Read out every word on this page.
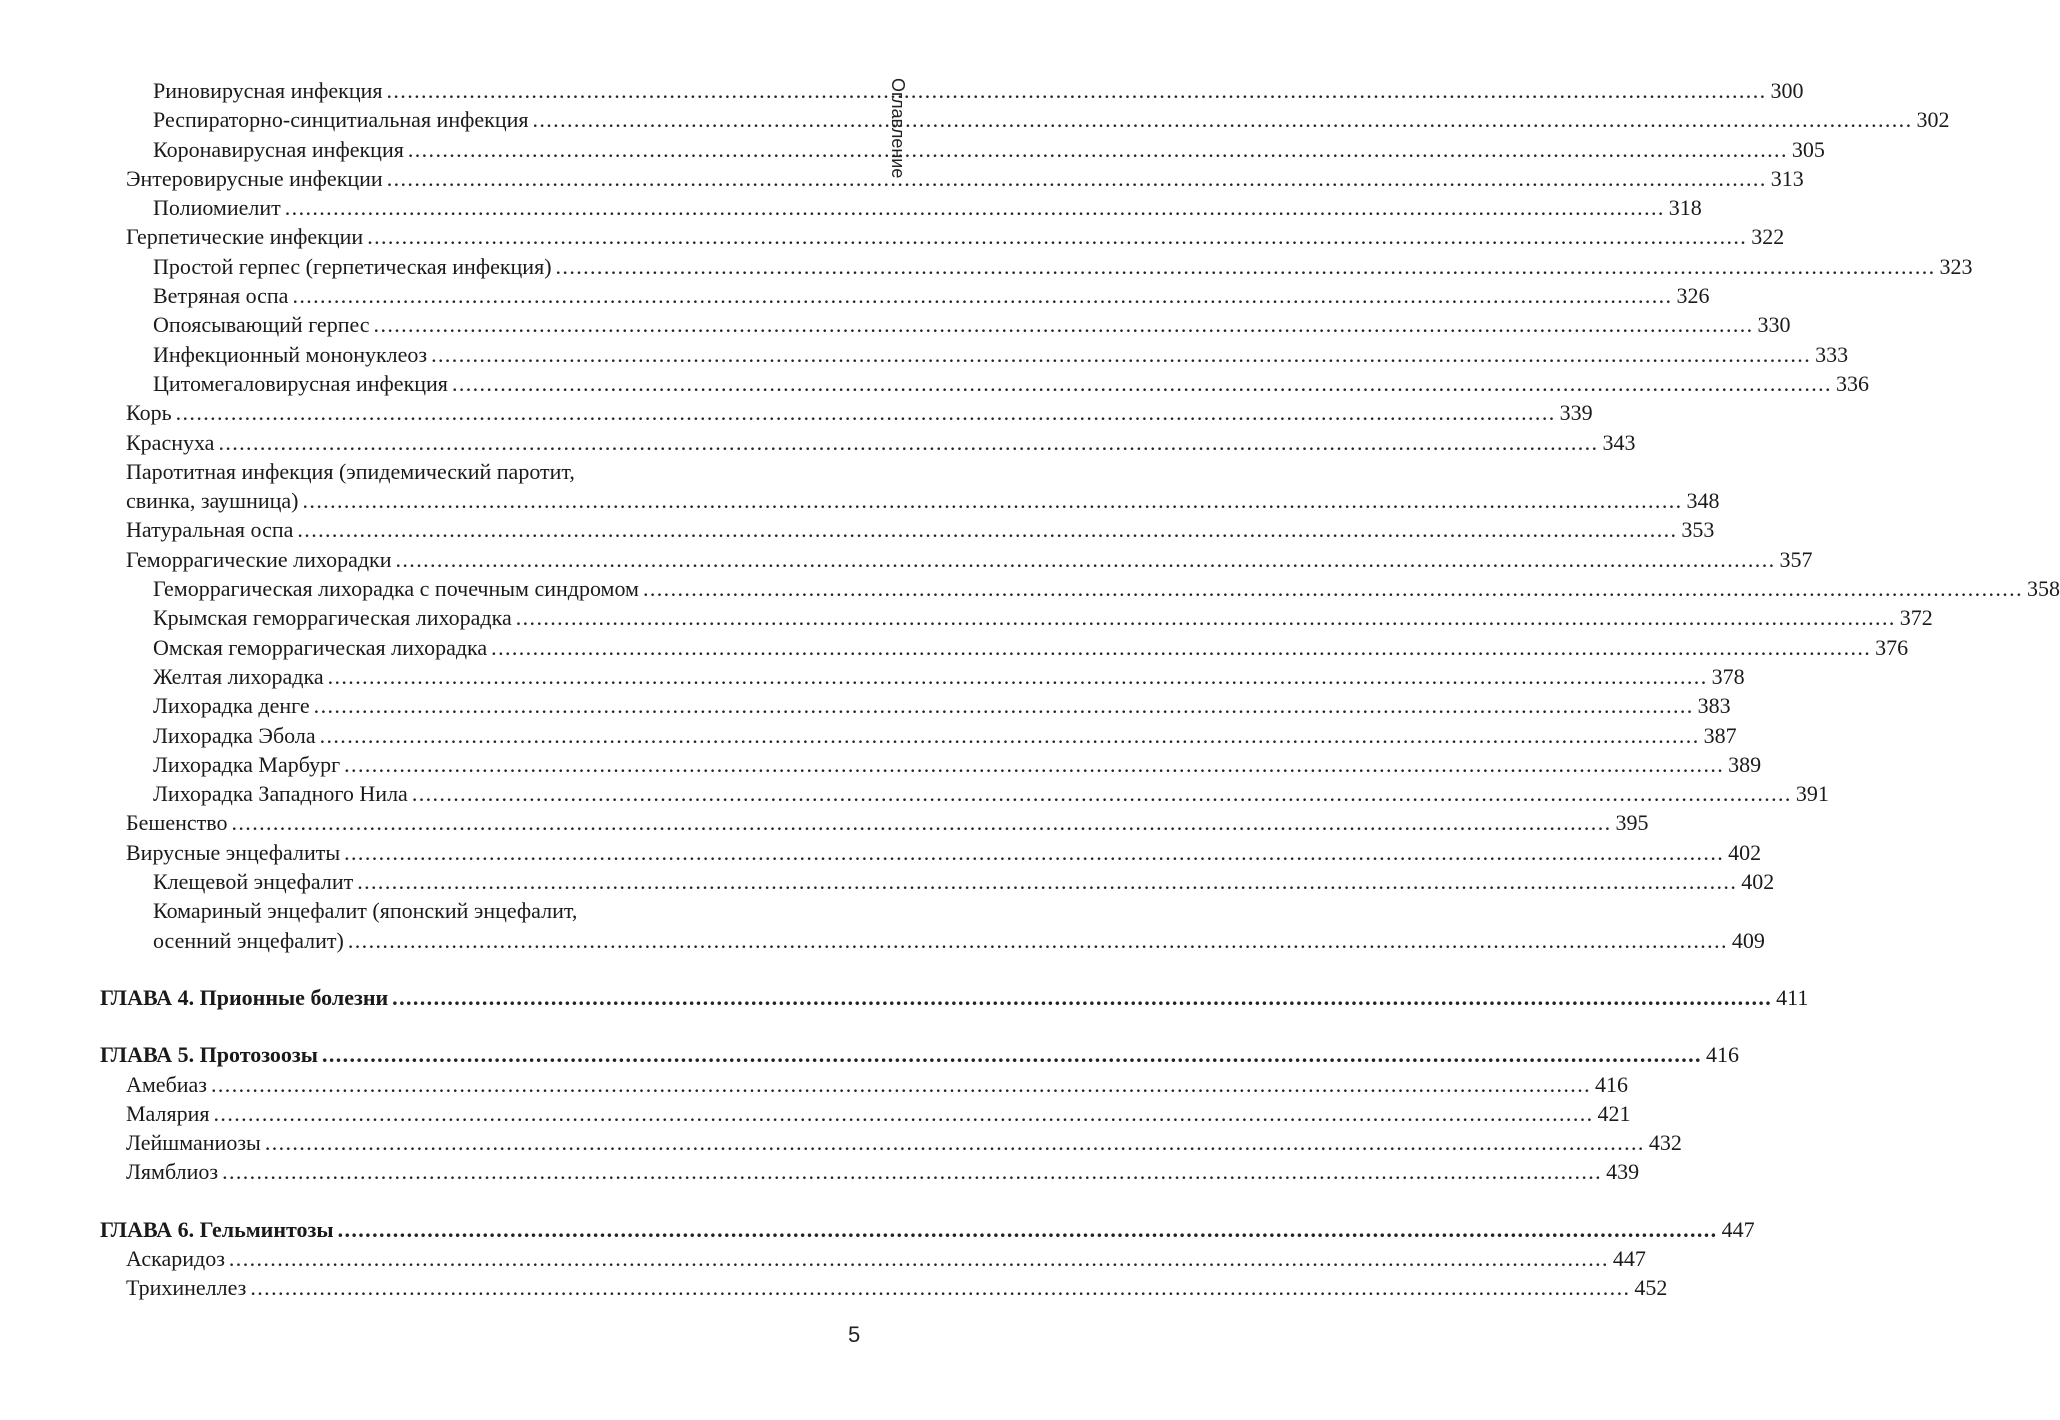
Оглавление
Риновирусная инфекция ........................................................................................................................................................................................................ 300
Респираторно-синцитиальная инфекция ........................................................................................................................................................................................................ 302
Коронавирусная инфекция ........................................................................................................................................................................................................ 305
Энтеровирусные инфекции ........................................................................................................................................................................................................ 313
Полиомиелит ........................................................................................................................................................................................................ 318
Герпетические инфекции ........................................................................................................................................................................................................ 322
Простой герпес (герпетическая инфекция) ........................................................................................................................................................................................................ 323
Ветряная оспа ........................................................................................................................................................................................................ 326
Опоясывающий герпес ........................................................................................................................................................................................................ 330
Инфекционный мононуклеоз ........................................................................................................................................................................................................ 333
Цитомегаловирусная инфекция ........................................................................................................................................................................................................ 336
Корь ........................................................................................................................................................................................................ 339
Краснуха ........................................................................................................................................................................................................ 343
Паротитная инфекция (эпидемический паротит,
свинка, заушница) ........................................................................................................................................................................................................ 348
Натуральная оспа ........................................................................................................................................................................................................ 353
Геморрагические лихорадки ........................................................................................................................................................................................................ 357
Геморрагическая лихорадка с почечным синдромом ........................................................................................................................................................................................................ 358
Крымская геморрагическая лихорадка ........................................................................................................................................................................................................ 372
Омская геморрагическая лихорадка ........................................................................................................................................................................................................ 376
Желтая лихорадка ........................................................................................................................................................................................................ 378
Лихорадка денге ........................................................................................................................................................................................................ 383
Лихорадка Эбола ........................................................................................................................................................................................................ 387
Лихорадка Марбург ........................................................................................................................................................................................................ 389
Лихорадка Западного Нила ........................................................................................................................................................................................................ 391
Бешенство ........................................................................................................................................................................................................ 395
Вирусные энцефалиты ........................................................................................................................................................................................................ 402
Клещевой энцефалит ........................................................................................................................................................................................................ 402
Комариный энцефалит (японский энцефалит,
осенний энцефалит) ........................................................................................................................................................................................................ 409
ГЛАВА 4. Прионные болезни ........................................................................................................................................................................................................ 411
ГЛАВА 5. Протозоозы ........................................................................................................................................................................................................ 416
Амебиаз ........................................................................................................................................................................................................ 416
Малярия ........................................................................................................................................................................................................ 421
Лейшманиозы ........................................................................................................................................................................................................ 432
Лямблиоз ........................................................................................................................................................................................................ 439
ГЛАВА 6. Гельминтозы ........................................................................................................................................................................................................ 447
Аскаридоз ........................................................................................................................................................................................................ 447
Трихинеллез ........................................................................................................................................................................................................ 452
5
